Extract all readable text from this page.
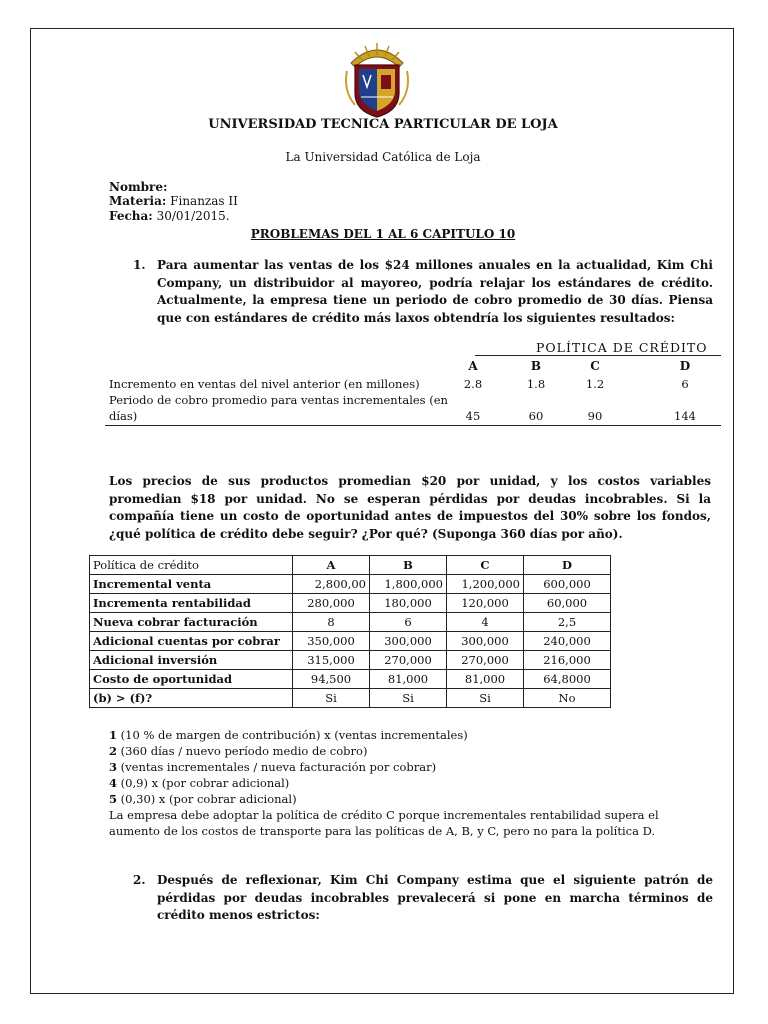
UNIVERSIDAD TECNICA PARTICULAR DE LOJA
La Universidad Católica de Loja
Nombre:
Materia: Finanzas II
Fecha: 30/01/2015.
PROBLEMAS DEL 1 AL 6 CAPITULO 10
1. Para aumentar las ventas de los $24 millones anuales en la actualidad, Kim Chi Company, un distribuidor al mayoreo, podría relajar los estándares de crédito. Actualmente, la empresa tiene un periodo de cobro promedio de 30 días. Piensa que con estándares de crédito más laxos obtendría los siguientes resultados:
POLÍTICA DE CRÉDITO
A	B	C	D
Incremento en ventas del nivel anterior (en millones)	2.8	1.8	1.2	6
Periodo de cobro promedio para ventas incrementales (en
días)	45	60	90	144
Los precios de sus productos promedian $20 por unidad, y los costos variables promedian $18 por unidad. No se esperan pérdidas por deudas incobrables. Si la compañía tiene un costo de oportunidad antes de impuestos del 30% sobre los fondos, ¿qué política de crédito debe seguir? ¿Por qué? (Suponga 360 días por año).
Política de crédito	A	B	C	D
Incremental venta	2,800,00	1,800,000	1,200,000	600,000
Incrementa rentabilidad	280,000	180,000	120,000	60,000
Nueva cobrar facturación	8	6	4	2,5
Adicional cuentas por cobrar	350,000	300,000	300,000	240,000
Adicional inversión	315,000	270,000	270,000	216,000
Costo de oportunidad	94,500	81,000	81,000	64,8000
(b) > (f)?	Si	Si	Si	No
1 (10 % de margen de contribución) x (ventas incrementales)
2 (360 días / nuevo período medio de cobro)
3 (ventas incrementales / nueva facturación por cobrar)
4 (0,9) x (por cobrar adicional)
5 (0,30) x (por cobrar adicional)
La empresa debe adoptar la política de crédito C porque incrementales rentabilidad supera el aumento de los costos de transporte para las políticas de A, B, y C, pero no para la política D.
2. Después de reflexionar, Kim Chi Company estima que el siguiente patrón de pérdidas por deudas incobrables prevalecerá si pone en marcha términos de crédito menos estrictos:
